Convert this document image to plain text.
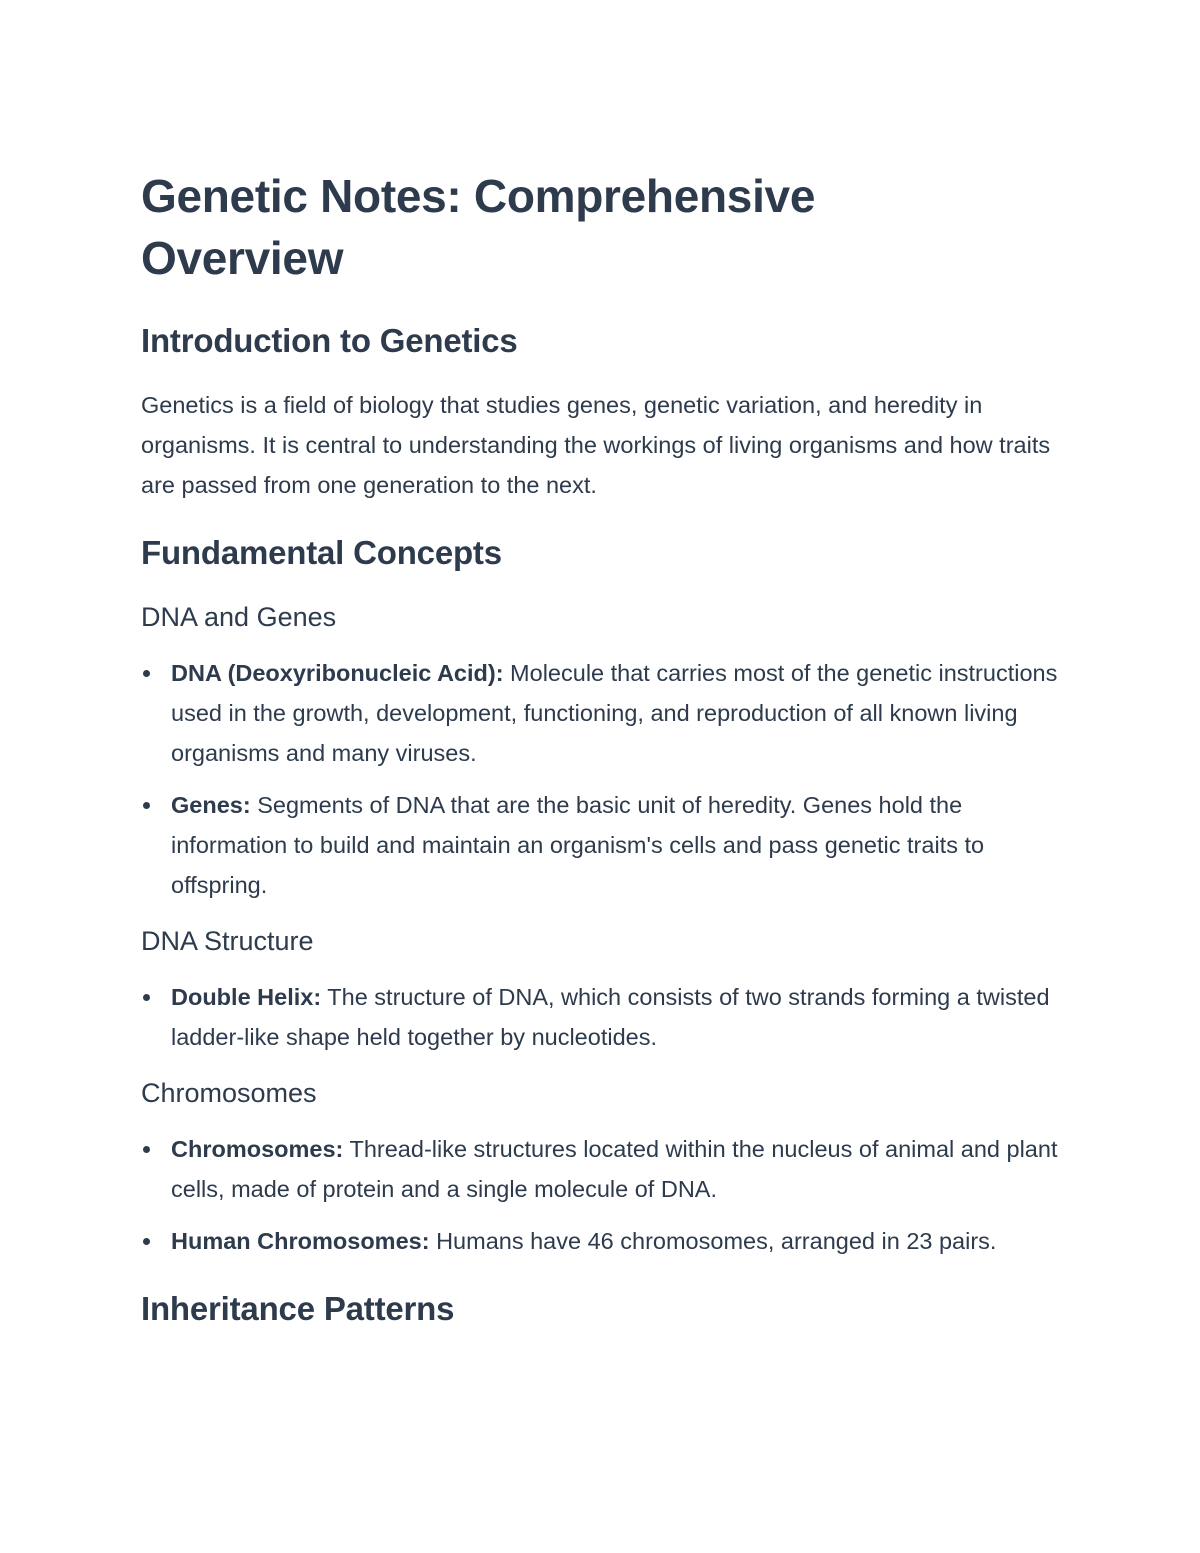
Genetic Notes: Comprehensive Overview
Introduction to Genetics

Genetics is a field of biology that studies genes, genetic variation, and heredity in organisms. It is central to understanding the workings of living organisms and how traits are passed from one generation to the next.

Fundamental Concepts
DNA and Genes
DNA (Deoxyribonucleic Acid): Molecule that carries most of the genetic instructions used in the growth, development, functioning, and reproduction of all known living organisms and many viruses.
Genes: Segments of DNA that are the basic unit of heredity. Genes hold the information to build and maintain an organism's cells and pass genetic traits to offspring.
DNA Structure
Double Helix: The structure of DNA, which consists of two strands forming a twisted ladder-like shape held together by nucleotides.
Chromosomes
Chromosomes: Thread-like structures located within the nucleus of animal and plant cells, made of protein and a single molecule of DNA.
Human Chromosomes: Humans have 46 chromosomes, arranged in 23 pairs.
Inheritance Patterns
